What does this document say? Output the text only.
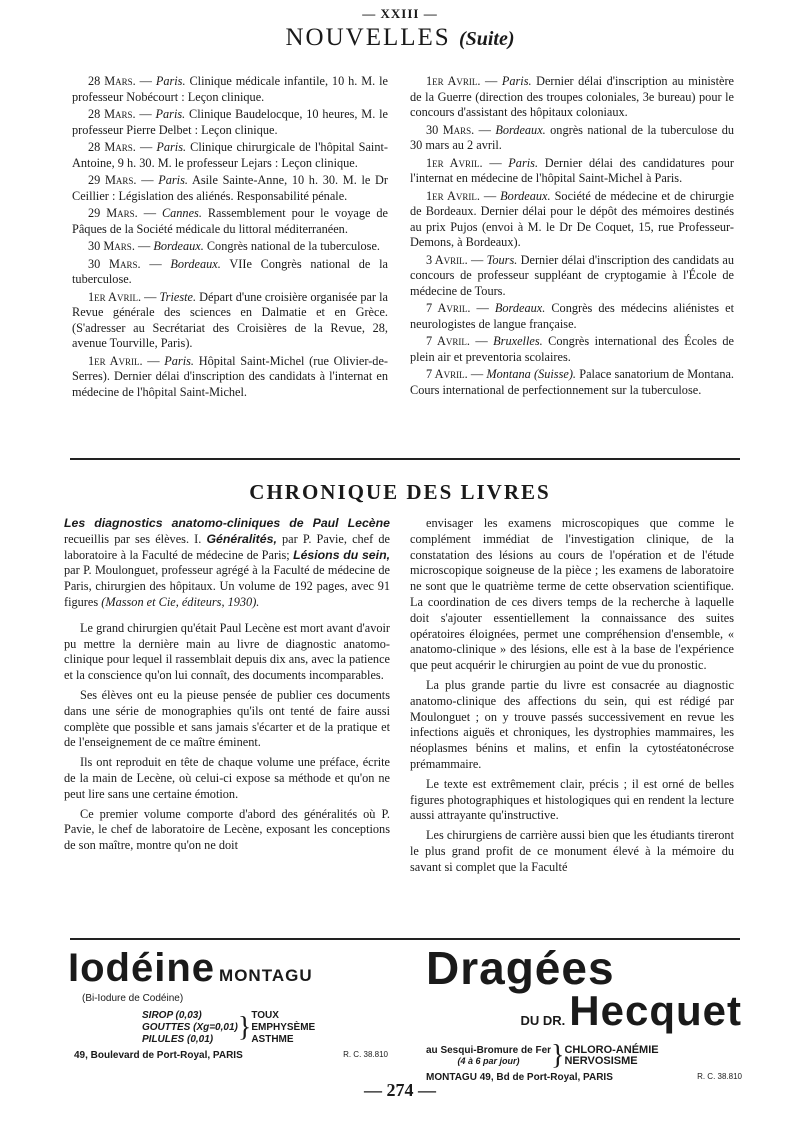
— XXIII —
NOUVELLES (Suite)

28 Mars. — Paris. Clinique médicale infantile, 10 h. M. le professeur Nobécourt : Leçon clinique.

28 Mars. — Paris. Clinique Baudelocque, 10 heures, M. le professeur Pierre Delbet : Leçon clinique.

28 Mars. — Paris. Clinique chirurgicale de l'hôpital Saint-Antoine, 9 h. 30. M. le professeur Lejars : Leçon clinique.

29 Mars. — Paris. Asile Sainte-Anne, 10 h. 30. M. le Dr Ceillier : Législation des aliénés. Responsabilité pénale.

29 Mars. — Cannes. Rassemblement pour le voyage de Pâques de la Société médicale du littoral méditerranéen.

30 Mars. — Bordeaux. Congrès national de la tuberculose.

30 Mars. — Bordeaux. VIIe Congrès national de la tuberculose.

1er Avril. — Trieste. Départ d'une croisière organisée par la Revue générale des sciences en Dalmatie et en Grèce. (S'adresser au Secrétariat des Croisières de la Revue, 28, avenue Tourville, Paris).

1er Avril. — Paris. Hôpital Saint-Michel (rue Olivier-de-Serres). Dernier délai d'inscription des candidats à l'internat en médecine de l'hôpital Saint-Michel.

1er Avril. — Paris. Dernier délai d'inscription au ministère de la Guerre (direction des troupes coloniales, 3e bureau) pour le concours d'assistant des hôpitaux coloniaux.

30 Mars. — Bordeaux. ongrès national de la tuberculose du 30 mars au 2 avril.

1er Avril. — Paris. Dernier délai des candidatures pour l'internat en médecine de l'hôpital Saint-Michel à Paris.

1er Avril. — Bordeaux. Société de médecine et de chirurgie de Bordeaux. Dernier délai pour le dépôt des mémoires destinés au prix Pujos (envoi à M. le Dr De Coquet, 15, rue Professeur-Demons, à Bordeaux).

3 Avril. — Tours. Dernier délai d'inscription des candidats au concours de professeur suppléant de cryptogamie à l'École de médecine de Tours.

7 Avril. — Bordeaux. Congrès des médecins aliénistes et neurologistes de langue française.

7 Avril. — Bruxelles. Congrès international des Écoles de plein air et preventoria scolaires.

7 Avril. — Montana (Suisse). Palace sanatorium de Montana. Cours international de perfectionnement sur la tuberculose.

CHRONIQUE DES LIVRES
Les diagnostics anatomo-cliniques de Paul Lecène recueillis par ses élèves. I. Généralités, par P. Pavie, chef de laboratoire à la Faculté de médecine de Paris; Lésions du sein, par P. Moulonguet, professeur agrégé à la Faculté de médecine de Paris, chirurgien des hôpitaux. Un volume de 192 pages, avec 91 figures (Masson et Cie, éditeurs, 1930).

Le grand chirurgien qu'était Paul Lecène est mort avant d'avoir pu mettre la dernière main au livre de diagnostic anatomo-clinique pour lequel il rassemblait depuis dix ans, avec la patience et la conscience qu'on lui connaît, des documents incomparables.

Ses élèves ont eu la pieuse pensée de publier ces documents dans une série de monographies qu'ils ont tenté de faire aussi complète que possible et sans jamais s'écarter et de la pratique et de l'enseignement de ce maître éminent.

Ils ont reproduit en tête de chaque volume une préface, écrite de la main de Lecène, où celui-ci expose sa méthode et qu'on ne peut lire sans une certaine émotion.

Ce premier volume comporte d'abord des généralités où P. Pavie, le chef de laboratoire de Lecène, exposant les conceptions de son maître, montre qu'on ne doit

envisager les examens microscopiques que comme le complément immédiat de l'investigation clinique, de la constatation des lésions au cours de l'opération et de l'étude microscopique soigneuse de la pièce ; les examens de laboratoire ne sont que le quatrième terme de cette observation scientifique. La coordination de ces divers temps de la recherche à laquelle doit s'ajouter essentiellement la connaissance des suites opératoires éloignées, permet une compréhension d'ensemble, « anatomo-clinique » des lésions, elle est à la base de l'expérience que peut acquérir le chirurgien au point de vue du pronostic.

La plus grande partie du livre est consacrée au diagnostic anatomo-clinique des affections du sein, qui est rédigé par Moulonguet ; on y trouve passés successivement en revue les infections aiguës et chroniques, les dystrophies mammaires, les néoplasmes bénins et malins, et enfin la cytostéatonécrose prémammaire.

Le texte est extrêmement clair, précis ; il est orné de belles figures photographiques et histologiques qui en rendent la lecture aussi attrayante qu'instructive.

Les chirurgiens de carrière aussi bien que les étudiants tireront le plus grand profit de ce monument élevé à la mémoire du savant si complet que la Faculté

Iodéine MONTAGU
(Bi-Iodure de Codéine)
SIROP (0,03)
GOUTTES (Xg=0,01)
PILULES (0,01) } TOUX
EMPHYSÈME
ASTHME
49, Boulevard de Port-Royal, PARIS	R. C. 38.810
Dragées
DU DR. Hecquet
au Sesqui-Bromure de Fer
(4 à 6 par jour)	} CHLORO-ANÉMIE
NERVOSISME
MONTAGU 49, Bd de Port-Royal, PARIS	R. C. 38.810
— 274 —
